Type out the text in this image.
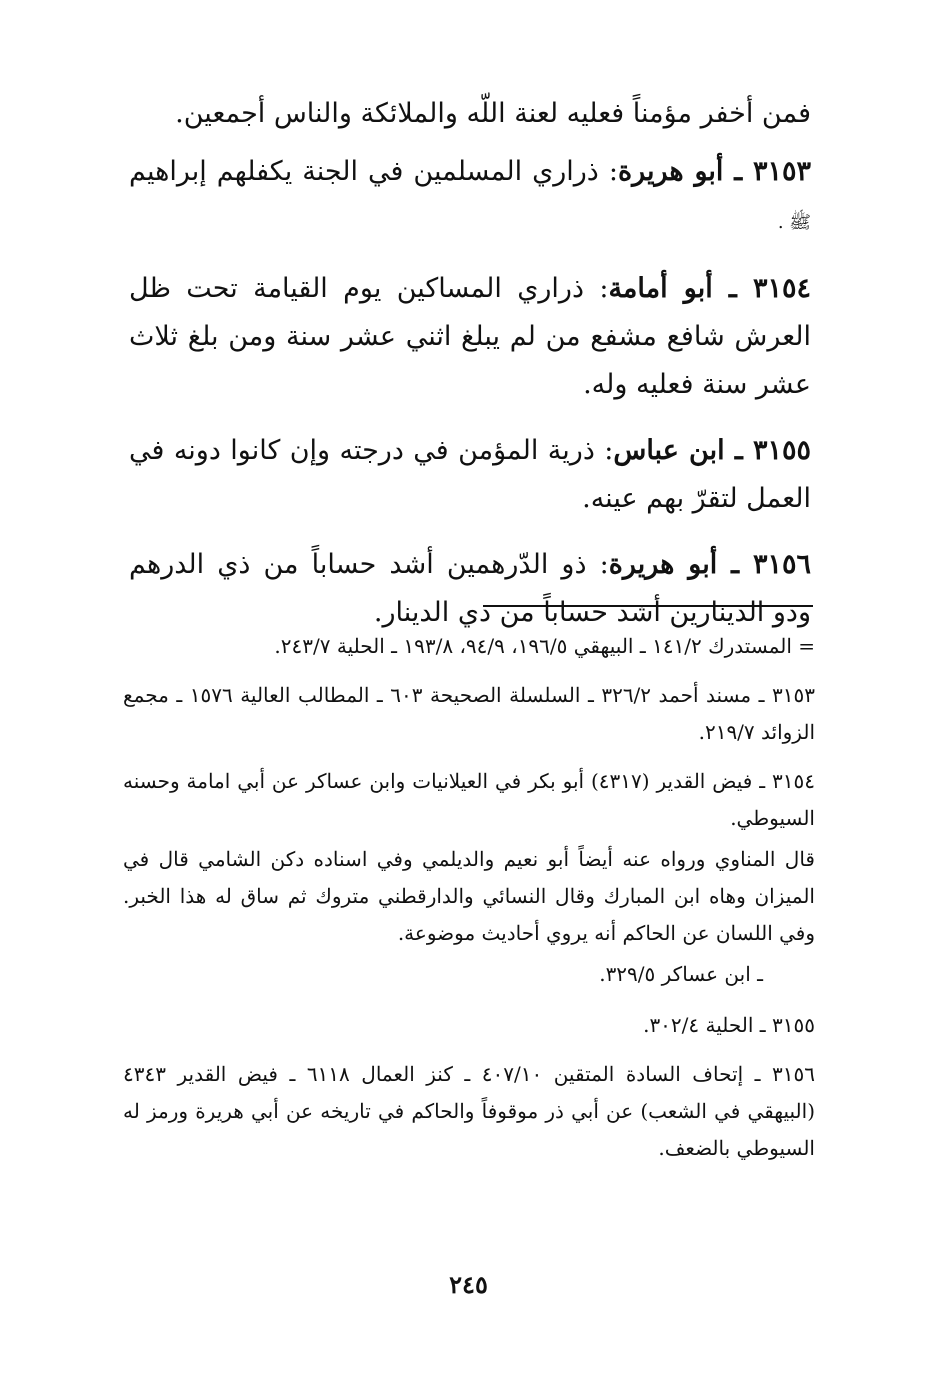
فمن أخفر مؤمناً فعليه لعنة اللّه والملائكة والناس أجمعين.

٣١٥٣ ـ أبو هريرة: ذراري المسلمين في الجنة يكفلهم إبراهيم ﷺ .

٣١٥٤ ـ أبو أمامة: ذراري المساكين يوم القيامة تحت ظل العرش شافع مشفع من لم يبلغ اثني عشر سنة ومن بلغ ثلاث عشر سنة فعليه وله.

٣١٥٥ ـ ابن عباس: ذرية المؤمن في درجته وإن كانوا دونه في العمل لتقرّ بهم عينه.

٣١٥٦ ـ أبو هريرة: ذو الدّرهمين أشد حساباً من ذي الدرهم وذو الدينارين أشد حساباً من ذي الدينار.

= المستدرك ١٤١/٢ ـ البيهقي ١٩٦/٥، ٩٤/٩، ١٩٣/٨ ـ الحلية ٢٤٣/٧.

٣١٥٣ ـ مسند أحمد ٣٢٦/٢ ـ السلسلة الصحيحة ٦٠٣ ـ المطالب العالية ١٥٧٦ ـ مجمع الزوائد ٢١٩/٧.

٣١٥٤ ـ فيض القدير (٤٣١٧) أبو بكر في العيلانيات وابن عساكر عن أبي امامة وحسنه السيوطي.

قال المناوي ورواه عنه أيضاً أبو نعيم والديلمي وفي اسناده دكن الشامي قال في الميزان وهاه ابن المبارك وقال النسائي والدارقطني متروك ثم ساق له هذا الخبر. وفي اللسان عن الحاكم أنه يروي أحاديث موضوعة.

ـ ابن عساكر ٣٢٩/٥.

٣١٥٥ ـ الحلية ٣٠٢/٤.

٣١٥٦ ـ إتحاف السادة المتقين ٤٠٧/١٠ ـ كنز العمال ٦١١٨ ـ فيض القدير ٤٣٤٣ (البيهقي في الشعب) عن أبي ذر موقوفاً والحاكم في تاريخه عن أبي هريرة ورمز له السيوطي بالضعف.

٢٤٥
